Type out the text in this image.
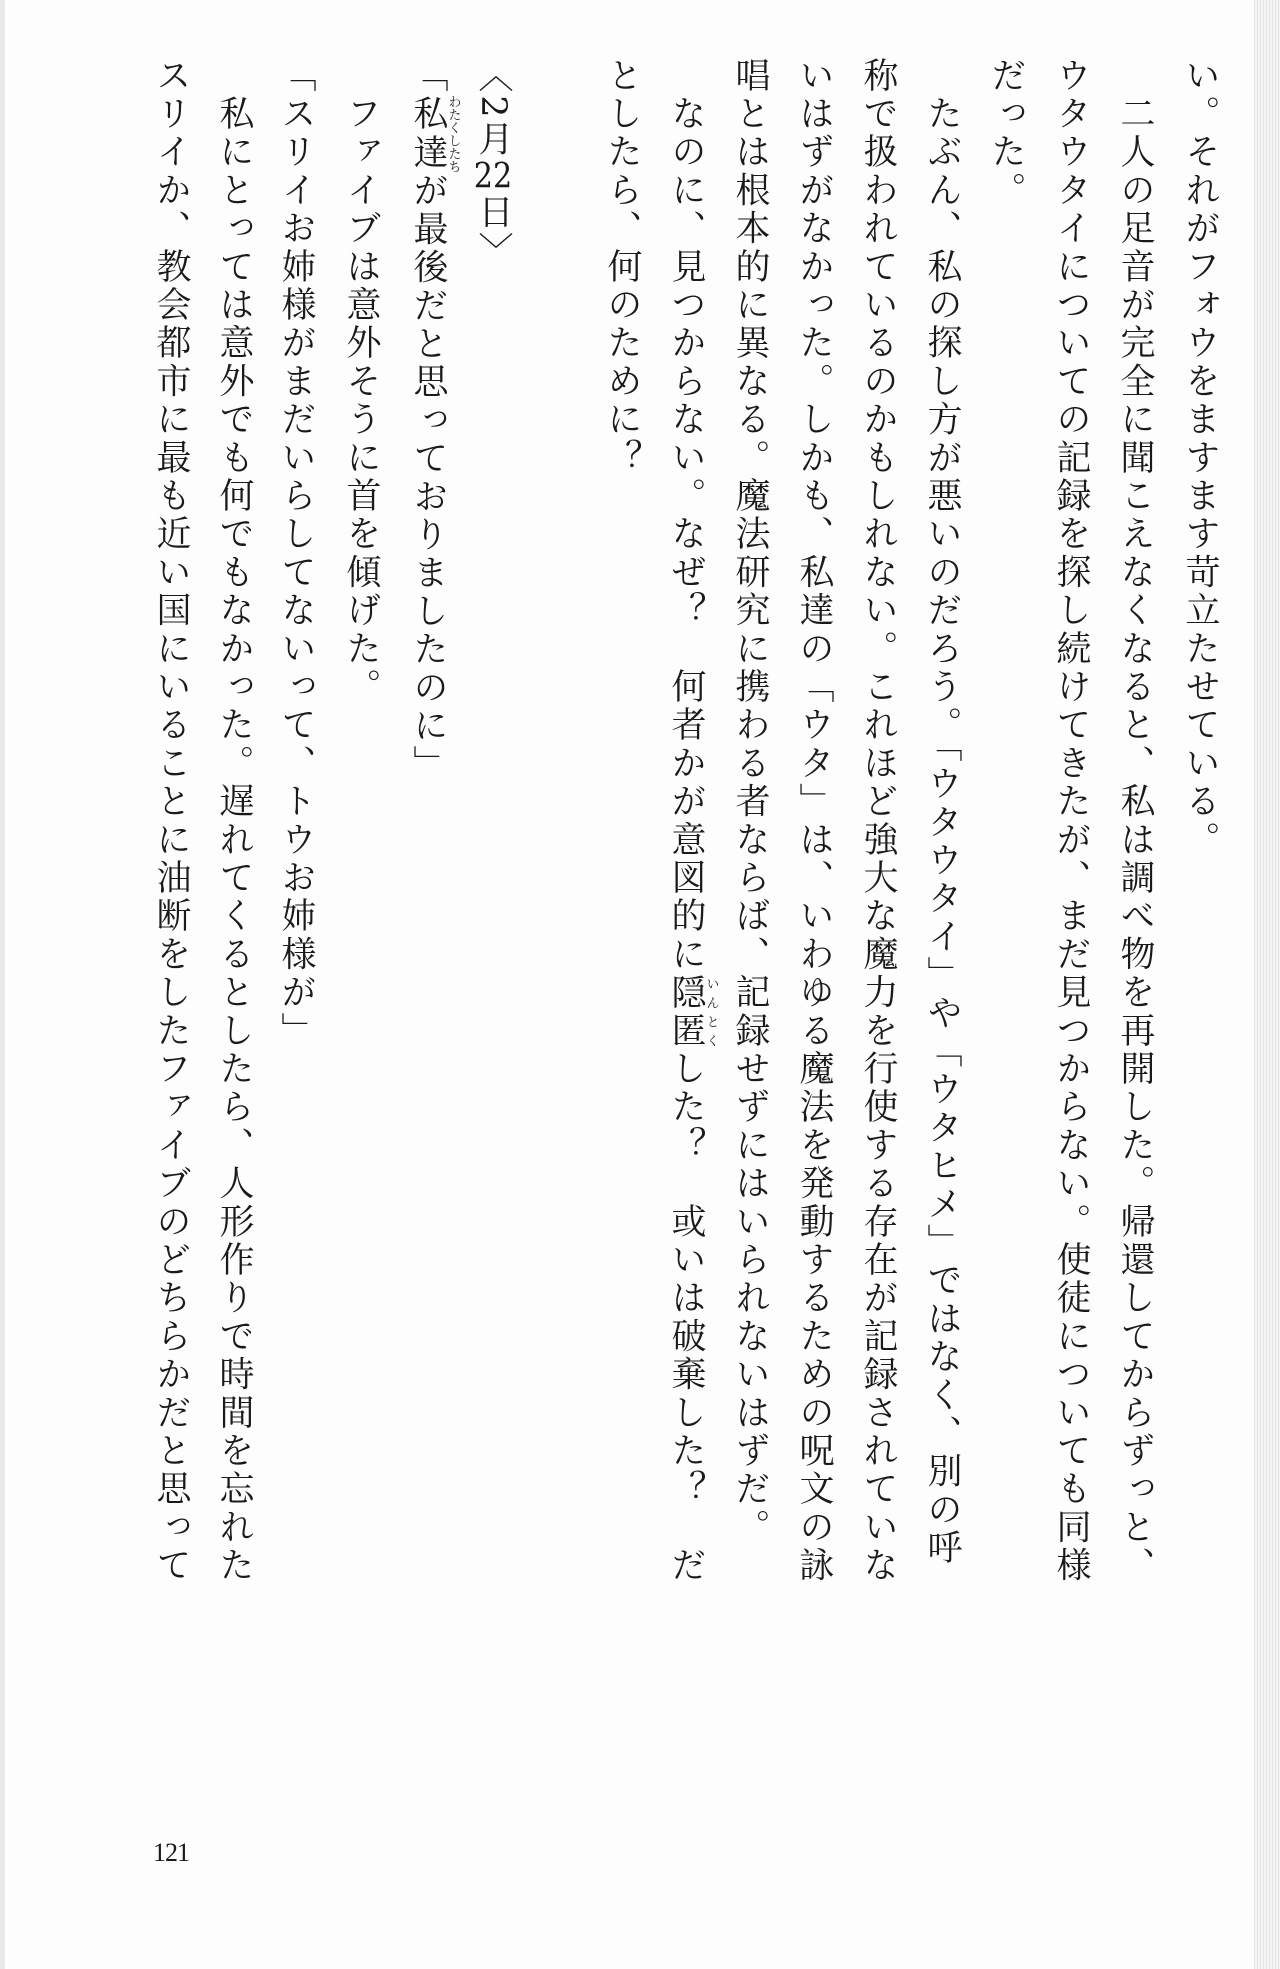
い。それがフォウをますます苛立たせている。
　二人の足音が完全に聞こえなくなると、私は調べ物を再開した。帰還してからずっと、
ウタウタイについての記録を探し続けてきたが、まだ見つからない。使徒についても同様
だった。
　たぶん、私の探し方が悪いのだろう。「ウタウタイ」や「ウタヒメ」ではなく、別の呼
称で扱われているのかもしれない。これほど強大な魔力を行使する存在が記録されていな
いはずがなかった。しかも、私達の「ウタ」は、いわゆる魔法を発動するための呪文の詠
唱とは根本的に異なる。魔法研究に携わる者ならば、記録せずにはいられないはずだ。
　なのに、見つからない。なぜ？　何者かが意図的に隠匿いんとくした？　或いは破棄した？　だ
としたら、何のために？
〈2月22日〉
「私達わたくしたちが最後だと思っておりましたのに」
　ファイブは意外そうに首を傾げた。
「スリイお姉様がまだいらしてないって、トウお姉様が」
　私にとっては意外でも何でもなかった。遅れてくるとしたら、人形作りで時間を忘れた
スリイか、教会都市に最も近い国にいることに油断をしたファイブのどちらかだと思って
121
